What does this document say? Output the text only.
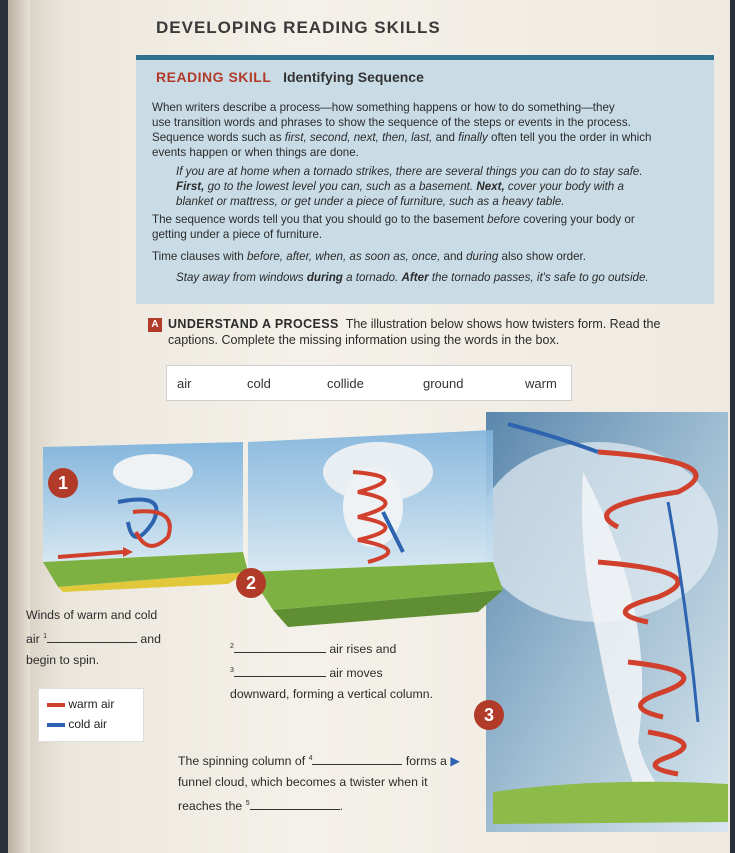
DEVELOPING READING SKILLS
READING SKILL Identifying Sequence
When writers describe a process—how something happens or how to do something—they
use transition words and phrases to show the sequence of the steps or events in the process.
Sequence words such as first, second, next, then, last, and finally often tell you the order in which
events happen or when things are done.
If you are at home when a tornado strikes, there are several things you can do to stay safe.
First, go to the lowest level you can, such as a basement. Next, cover your body with a
blanket or mattress, or get under a piece of furniture, such as a heavy table.
The sequence words tell you that you should go to the basement before covering your body or
getting under a piece of furniture.
Time clauses with before, after, when, as soon as, once, and during also show order.
Stay away from windows during a tornado. After the tornado passes, it's safe to go outside.
A UNDERSTAND A PROCESS The illustration below shows how twisters form. Read the
captions. Complete the missing information using the words in the box.
air	cold	collide	ground	warm
1
2
3
Winds of warm and cold
air $^1$	and
begin to spin.
$^2$	air rises and
$^3$	air moves
downward, forming a vertical column.
warm air
cold air
The spinning column of $^4$	forms a ▶
funnel cloud, which becomes a twister when it
reaches the $^5$	.
